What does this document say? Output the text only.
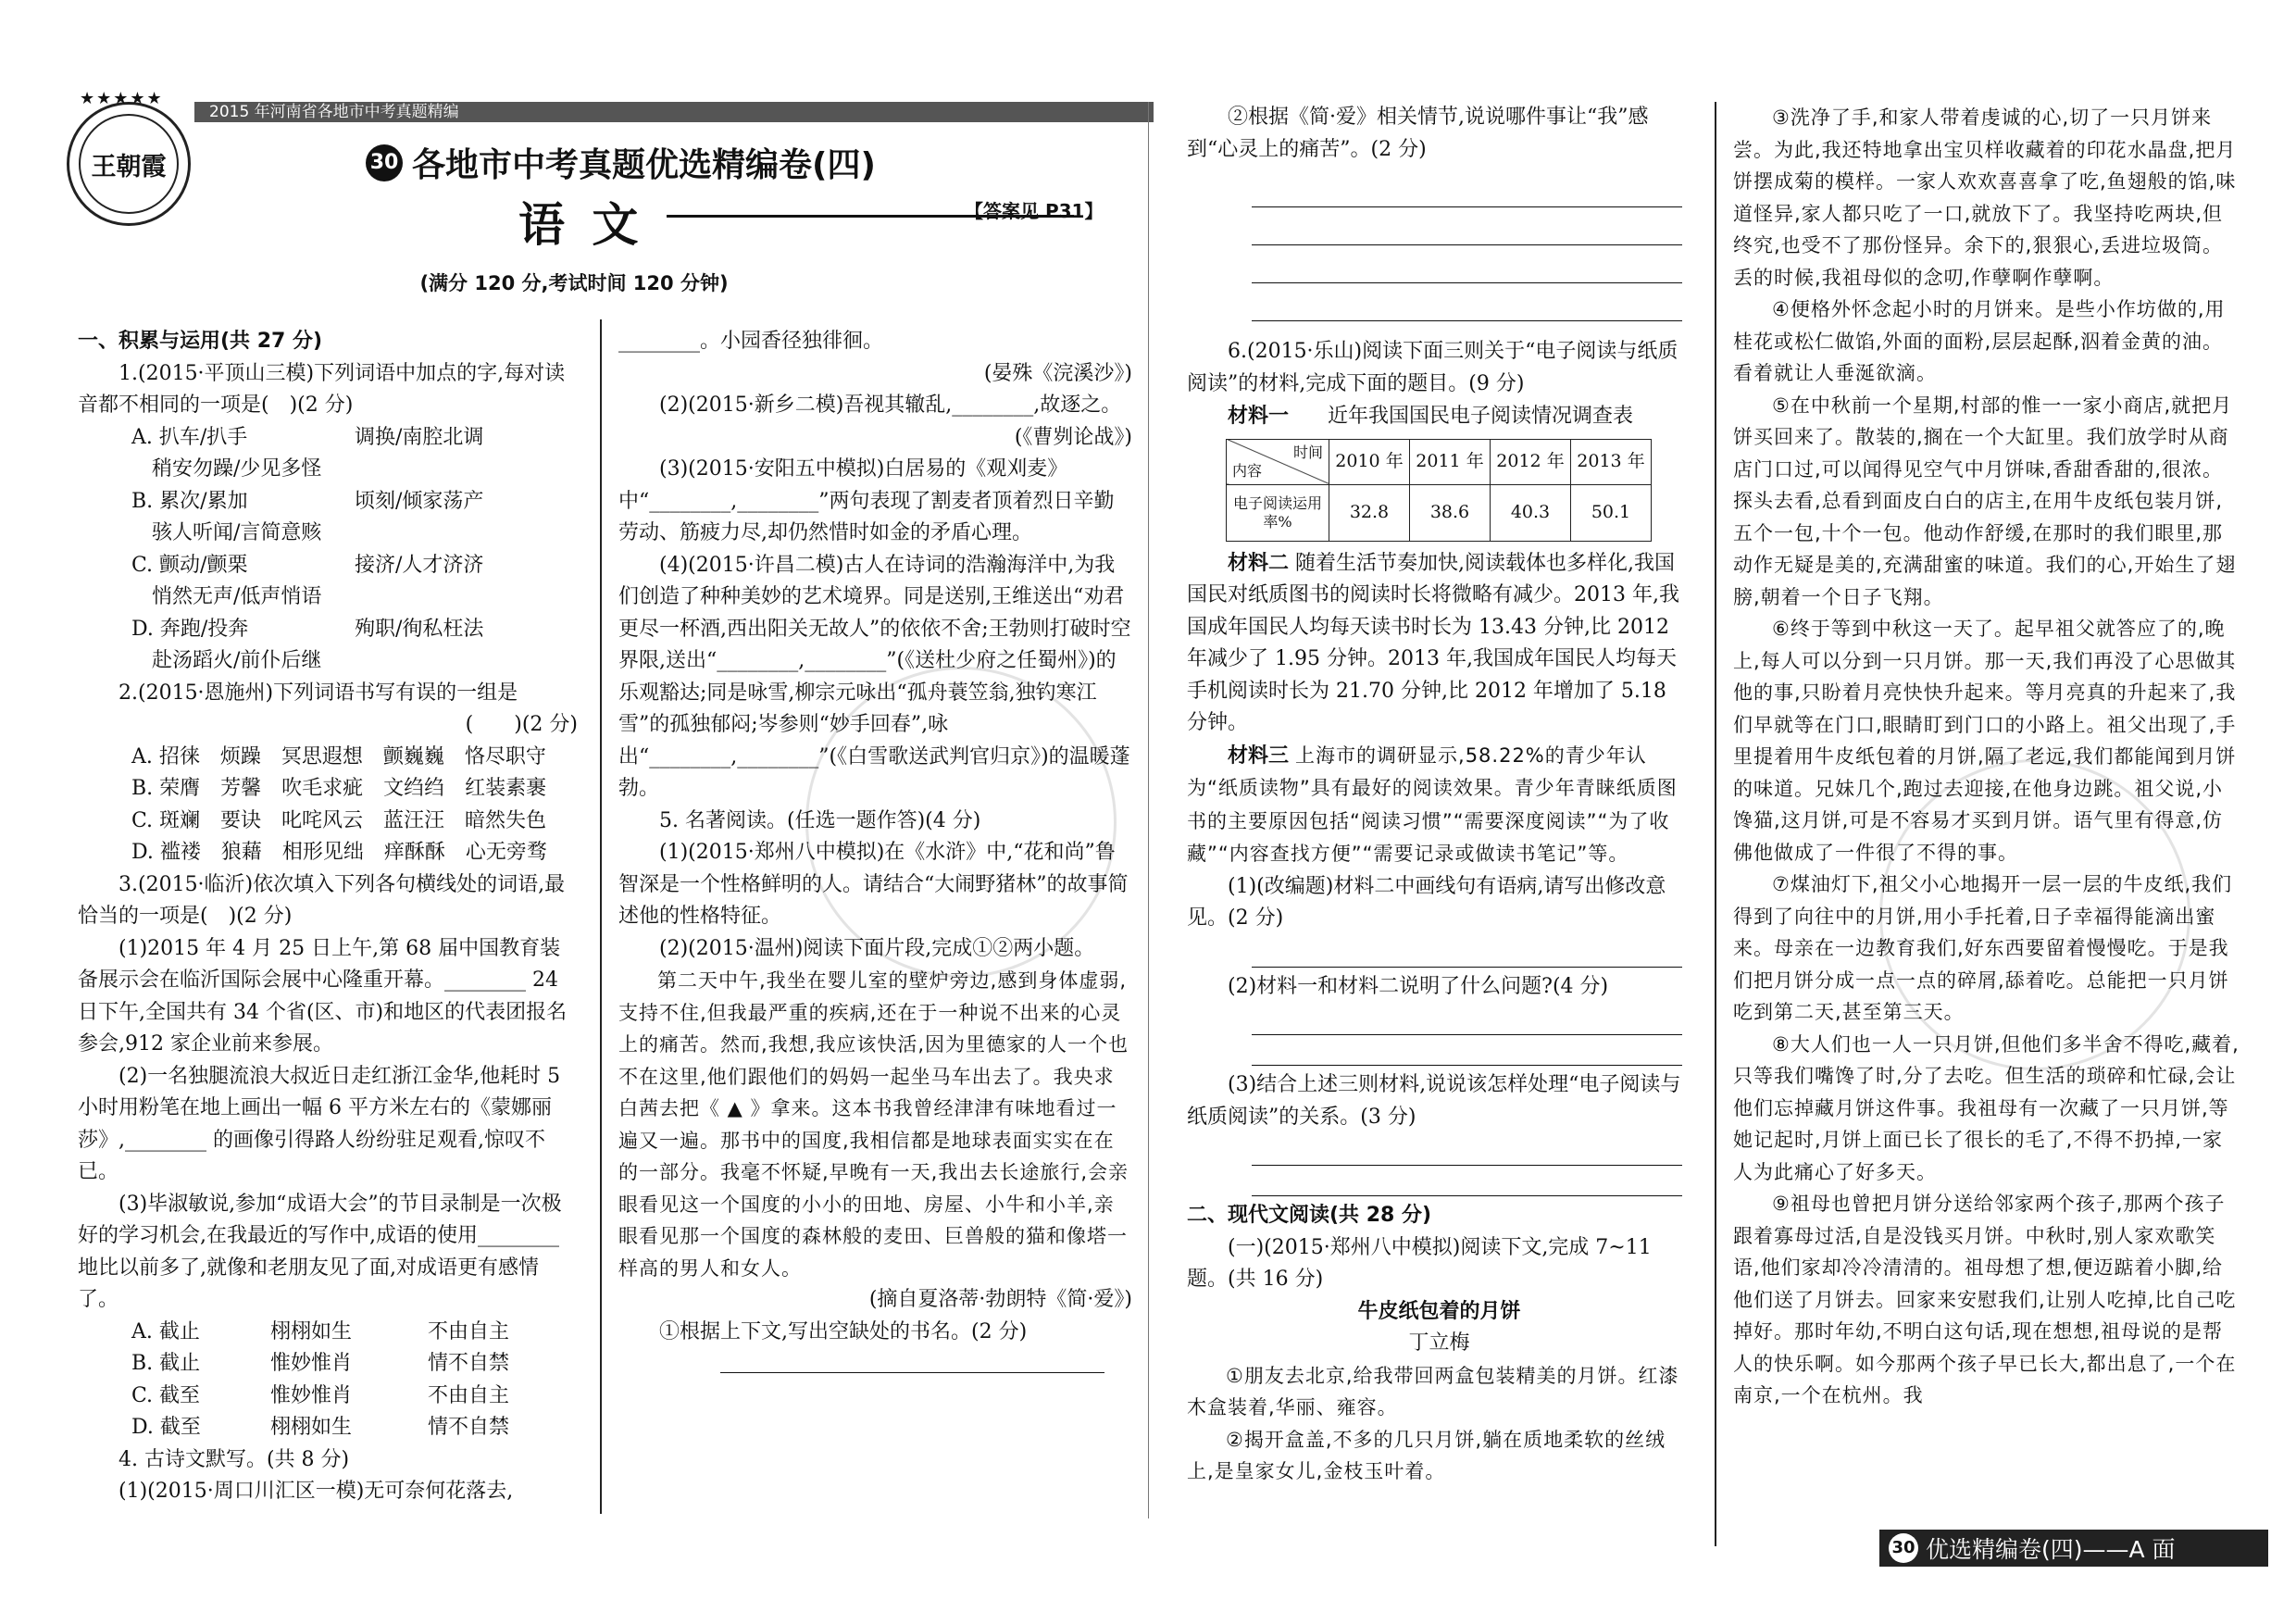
2015 年河南省各地市中考真题精编
王朝霞
★★★★★
30 各地市中考真题优选精编卷(四)
语 文	【答案见 P31】
(满分 120 分,考试时间 120 分钟)

一、积累与运用(共 27 分)

1.(2015·平顶山三模)下列词语中加点的字,每对读音都不相同的一项是(　)(2 分)

A. 扒车/扒手	调换/南腔北调
　稍安勿躁/少见多怪
B. 累次/累加	顷刻/倾家荡产
　骇人听闻/言简意赅
C. 颤动/颤栗	接济/人才济济
　悄然无声/低声悄语
D. 奔跑/投奔	殉职/徇私枉法
　赴汤蹈火/前仆后继

2.(2015·恩施州)下列词语书写有误的一组是

(　　)(2 分)

A. 招徕　烦躁　冥思遐想　颤巍巍　恪尽职守

B. 荣膺　芳馨　吹毛求疵　文绉绉　红装素裹

C. 斑斓　要诀　叱咤风云　蓝汪汪　暗然失色

D. 褴褛　狼藉　相形见绌　痒酥酥　心无旁骛

3.(2015·临沂)依次填入下列各句横线处的词语,最恰当的一项是(　)(2 分)

(1)2015 年 4 月 25 日上午,第 68 届中国教育装备展示会在临沂国际会展中心隆重开幕。________ 24 日下午,全国共有 34 个省(区、市)和地区的代表团报名参会,912 家企业前来参展。

(2)一名独腿流浪大叔近日走红浙江金华,他耗时 5 小时用粉笔在地上画出一幅 6 平方米左右的《蒙娜丽莎》,________ 的画像引得路人纷纷驻足观看,惊叹不已。

(3)毕淑敏说,参加“成语大会”的节目录制是一次极好的学习机会,在我最近的写作中,成语的使用________ 地比以前多了,就像和老朋友见了面,对成语更有感情了。

A. 截止	栩栩如生	不由自主
B. 截止	惟妙惟肖	情不自禁
C. 截至	惟妙惟肖	不由自主
D. 截至	栩栩如生	情不自禁

4. 古诗文默写。(共 8 分)

(1)(2015·周口川汇区一模)无可奈何花落去,

________。小园香径独徘徊。

(晏殊《浣溪沙》)

(2)(2015·新乡二模)吾视其辙乱,________,故逐之。

(《曹刿论战》)

(3)(2015·安阳五中模拟)白居易的《观刈麦》中“________,________”两句表现了割麦者顶着烈日辛勤劳动、筋疲力尽,却仍然惜时如金的矛盾心理。

(4)(2015·许昌二模)古人在诗词的浩瀚海洋中,为我们创造了种种美妙的艺术境界。同是送别,王维送出“劝君更尽一杯酒,西出阳关无故人”的依依不舍;王勃则打破时空界限,送出“________,________”(《送杜少府之任蜀州》)的乐观豁达;同是咏雪,柳宗元咏出“孤舟蓑笠翁,独钓寒江雪”的孤独郁闷;岑参则“妙手回春”,咏出“________,________”(《白雪歌送武判官归京》)的温暖蓬勃。

5. 名著阅读。(任选一题作答)(4 分)

(1)(2015·郑州八中模拟)在《水浒》中,“花和尚”鲁智深是一个性格鲜明的人。请结合“大闹野猪林”的故事简述他的性格特征。

(2)(2015·温州)阅读下面片段,完成①②两小题。

第二天中午,我坐在婴儿室的壁炉旁边,感到身体虚弱,支持不住,但我最严重的疾病,还在于一种说不出来的心灵上的痛苦。然而,我想,我应该快活,因为里德家的人一个也不在这里,他们跟他们的妈妈一起坐马车出去了。我央求白茜去把《 ▲ 》拿来。这本书我曾经津津有味地看过一遍又一遍。那书中的国度,我相信都是地球表面实实在在的一部分。我毫不怀疑,早晚有一天,我出去长途旅行,会亲眼看见这一个国度的小小的田地、房屋、小牛和小羊,亲眼看见那一个国度的森林般的麦田、巨兽般的猫和像塔一样高的男人和女人。

(摘自夏洛蒂·勃朗特《简·爱》)

①根据上下文,写出空缺处的书名。(2 分)

②根据《简·爱》相关情节,说说哪件事让“我”感到“心灵上的痛苦”。(2 分)

6.(2015·乐山)阅读下面三则关于“电子阅读与纸质阅读”的材料,完成下面的题目。(9 分)

材料一 近年我国国民电子阅读情况调查表

时间
内容	2010 年	2011 年	2012 年	2013 年
电子阅读运用率%	32.8	38.6	40.3	50.1

材料二 随着生活节奏加快,阅读载体也多样化,我国国民对纸质图书的阅读时长将微略有减少。2013 年,我国成年国民人均每天读书时长为 13.43 分钟,比 2012 年减少了 1.95 分钟。2013 年,我国成年国民人均每天手机阅读时长为 21.70 分钟,比 2012 年增加了 5.18 分钟。

材料三 上海市的调研显示,58.22%的青少年认为“纸质读物”具有最好的阅读效果。青少年青睐纸质图书的主要原因包括“阅读习惯”“需要深度阅读”“为了收藏”“内容查找方便”“需要记录或做读书笔记”等。

(1)(改编题)材料二中画线句有语病,请写出修改意见。(2 分)

(2)材料一和材料二说明了什么问题?(4 分)

(3)结合上述三则材料,说说该怎样处理“电子阅读与纸质阅读”的关系。(3 分)

二、现代文阅读(共 28 分)

(一)(2015·郑州八中模拟)阅读下文,完成 7~11 题。(共 16 分)

牛皮纸包着的月饼

丁立梅

①朋友去北京,给我带回两盒包装精美的月饼。红漆木盒装着,华丽、雍容。

②揭开盒盖,不多的几只月饼,躺在质地柔软的丝绒上,是皇家女儿,金枝玉叶着。

③洗净了手,和家人带着虔诚的心,切了一只月饼来尝。为此,我还特地拿出宝贝样收藏着的印花水晶盘,把月饼摆成菊的模样。一家人欢欢喜喜拿了吃,鱼翅般的馅,味道怪异,家人都只吃了一口,就放下了。我坚持吃两块,但终究,也受不了那份怪异。余下的,狠狠心,丢进垃圾筒。丢的时候,我祖母似的念叨,作孽啊作孽啊。

④便格外怀念起小时的月饼来。是些小作坊做的,用桂花或松仁做馅,外面的面粉,层层起酥,泅着金黄的油。看着就让人垂涎欲滴。

⑤在中秋前一个星期,村部的惟一一家小商店,就把月饼买回来了。散装的,搁在一个大缸里。我们放学时从商店门口过,可以闻得见空气中月饼味,香甜香甜的,很浓。探头去看,总看到面皮白白的店主,在用牛皮纸包装月饼,五个一包,十个一包。他动作舒缓,在那时的我们眼里,那动作无疑是美的,充满甜蜜的味道。我们的心,开始生了翅膀,朝着一个日子飞翔。

⑥终于等到中秋这一天了。起早祖父就答应了的,晚上,每人可以分到一只月饼。那一天,我们再没了心思做其他的事,只盼着月亮快快升起来。等月亮真的升起来了,我们早就等在门口,眼睛盯到门口的小路上。祖父出现了,手里提着用牛皮纸包着的月饼,隔了老远,我们都能闻到月饼的味道。兄妹几个,跑过去迎接,在他身边跳。祖父说,小馋猫,这月饼,可是不容易才买到月饼。语气里有得意,仿佛他做成了一件很了不得的事。

⑦煤油灯下,祖父小心地揭开一层一层的牛皮纸,我们得到了向往中的月饼,用小手托着,日子幸福得能滴出蜜来。母亲在一边教育我们,好东西要留着慢慢吃。于是我们把月饼分成一点一点的碎屑,舔着吃。总能把一只月饼吃到第二天,甚至第三天。

⑧大人们也一人一只月饼,但他们多半舍不得吃,藏着,只等我们嘴馋了时,分了去吃。但生活的琐碎和忙碌,会让他们忘掉藏月饼这件事。我祖母有一次藏了一只月饼,等她记起时,月饼上面已长了很长的毛了,不得不扔掉,一家人为此痛心了好多天。

⑨祖母也曾把月饼分送给邻家两个孩子,那两个孩子跟着寡母过活,自是没钱买月饼。中秋时,别人家欢歌笑语,他们家却冷冷清清的。祖母想了想,便迈踮着小脚,给他们送了月饼去。回家来安慰我们,让别人吃掉,比自己吃掉好。那时年幼,不明白这句话,现在想想,祖母说的是帮人的快乐啊。如今那两个孩子早已长大,都出息了,一个在南京,一个在杭州。我

30 优选精编卷(四)——A 面
